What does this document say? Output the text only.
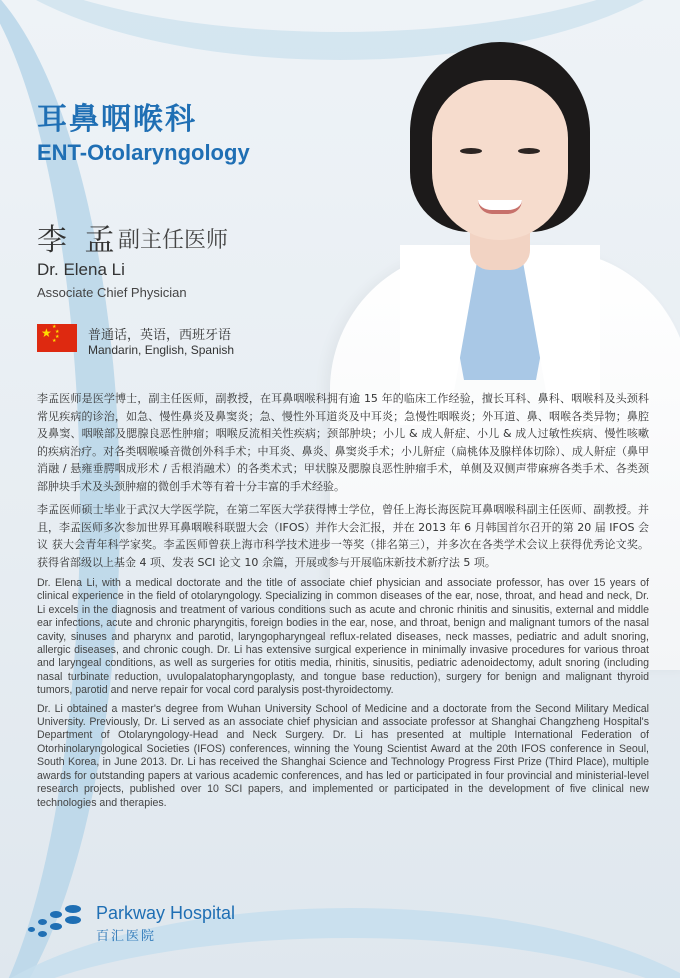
耳鼻咽喉科
ENT-Otolaryngology
李 孟 副主任医师
Dr. Elena Li
Associate Chief Physician
★ ★
★
★
★ 普通话，英语，西班牙语
Mandarin, English, Spanish

李孟医师是医学博士，副主任医师，副教授，在耳鼻咽喉科拥有逾 15 年的临床工作经验，擅长耳科、鼻科、咽喉科及头颈科常见疾病的诊治，如急、慢性鼻炎及鼻窦炎；急、慢性外耳道炎及中耳炎；急慢性咽喉炎；外耳道、鼻、咽喉各类异物；鼻腔及鼻窦、咽喉部及腮腺良恶性肿瘤；咽喉反流相关性疾病；颈部肿块；小儿 & 成人鼾症、小儿 & 成人过敏性疾病、慢性咳嗽的疾病治疗。对各类咽喉嗓音微创外科手术；中耳炎、鼻炎、鼻窦炎手术；小儿鼾症（扁桃体及腺样体切除）、成人鼾症（鼻甲消融 / 悬雍垂腭咽成形术 / 舌根消融术）的各类术式；甲状腺及腮腺良恶性肿瘤手术，单侧及双侧声带麻痹各类手术、各类颈部肿块手术及头颈肿瘤的微创手术等有着十分丰富的手术经验。

李孟医师硕士毕业于武汉大学医学院，在第二军医大学获得博士学位，曾任上海长海医院耳鼻咽喉科副主任医师、副教授。并且，李孟医师多次参加世界耳鼻咽喉科联盟大会（IFOS）并作大会汇报，并在 2013 年 6 月韩国首尔召开的第 20 届 IFOS 会议 获大会青年科学家奖。李孟医师曾获上海市科学技术进步一等奖（排名第三），并多次在各类学术会议上获得优秀论文奖。获得省部级以上基金 4 项、发表 SCI 论文 10 余篇，开展或参与开展临床新技术新疗法 5 项。

Dr. Elena Li, with a medical doctorate and the title of associate chief physician and associate professor, has over 15 years of clinical experience in the field of otolaryngology. Specializing in common diseases of the ear, nose, throat, and head and neck, Dr. Li excels in the diagnosis and treatment of various conditions such as acute and chronic rhinitis and sinusitis, external and middle ear infections, acute and chronic pharyngitis, foreign bodies in the ear, nose, and throat, benign and malignant tumors of the nasal cavity, sinuses and pharynx and parotid, laryngopharyngeal reflux-related diseases, neck masses, pediatric and adult snoring, allergic diseases, and chronic cough. Dr. Li has extensive surgical experience in minimally invasive procedures for various throat and laryngeal conditions, as well as surgeries for otitis media, rhinitis, sinusitis, pediatric adenoidectomy, adult snoring (including nasal turbinate reduction, uvulopalatopharyngoplasty, and tongue base reduction), surgery for benign and malignant thyroid tumors, parotid and nerve repair for vocal cord paralysis post-thyroidectomy.

Dr. Li obtained a master's degree from Wuhan University School of Medicine and a doctorate from the Second Military Medical University. Previously, Dr. Li served as an associate chief physician and associate professor at Shanghai Changzheng Hospital's Department of Otolaryngology-Head and Neck Surgery. Dr. Li has presented at multiple International Federation of Otorhinolaryngological Societies (IFOS) conferences, winning the Young Scientist Award at the 20th IFOS conference in Seoul, South Korea, in June 2013. Dr. Li has received the Shanghai Science and Technology Progress First Prize (Third Place), multiple awards for outstanding papers at various academic conferences, and has led or participated in four provincial and ministerial-level research projects, published over 10 SCI papers, and implemented or participated in the development of five clinical new technologies and therapies.

Parkway Hospital
百汇医院
